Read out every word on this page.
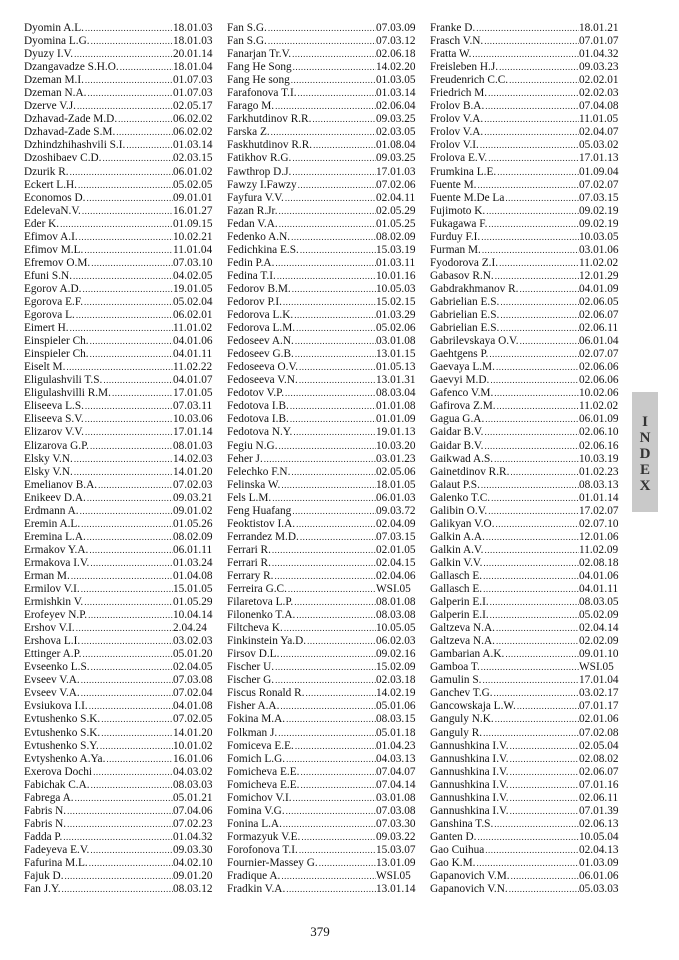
Dyomin A.L. .....	18.01.03
Dyomina L.G. .....	18.01.03
Dyuzy I.V. .....	20.01.14
Dzangavadze S.H.O. .....	18.01.04
Dzeman M.I. .....	01.07.03
Dzeman N.A. .....	01.07.03
Dzerve V.J. .....	02.05.17
Dzhavad-Zade M.D. .....	06.02.02
Dzhavad-Zade S.M. .....	06.02.02
Dzhindzhihashvili S.I. .....	01.03.14
Dzoshibaev C.D. .....	02.03.15
Dzurik R. .....	06.01.02
Eckert L.H. .....	05.02.05
Economos D. .....	09.01.01
EdelevaN.V. .....	16.01.27
Eder K. .....	01.09.15
Efimov A.I. .....	10.02.21
Efimov M.L. .....	11.01.04
Efremov O.M. .....	07.03.10
Efuni S.N. .....	04.02.05
Egorov A.D. .....	19.01.05
Egorova E.F. .....	05.02.04
Egorova L. .....	06.02.01
Eimert H. .....	11.01.02
Einspieler Ch. .....	04.01.06
Einspieler Ch. .....	04.01.11
Eiselt M. .....	11.02.22
Eligulashvili T.S. .....	04.01.07
Eligulashvilli R.M. .....	17.01.05
Eliseeva L.S. .....	07.03.11
Eliseeva S.V. .....	10.03.06
Elizarov V.V. .....	17.01.14
Elizarova G.P. .....	08.01.03
Elsky V.N. .....	14.02.03
Elsky V.N. .....	14.01.20
Emelianov B.A. .....	07.02.03
Enikeev D.A. .....	09.03.21
Erdmann A. .....	09.01.02
Eremin A.L. .....	01.05.26
Eremina L.A. .....	08.02.09
Ermakov Y.A. .....	06.01.11
Ermakova I.V. .....	01.03.24
Erman M. .....	01.04.08
Ermilov V.I. .....	15.01.05
Ermishkin V. .....	01.05.29
Erofeyev N.P. .....	10.04.14
Ershov V.I. .....	2.04.24
Ershova L.I. .....	03.02.03
Ettinger A.P. .....	05.01.20
Evseenko L.S. .....	02.04.05
Evseev V.A. .....	07.03.08
Evseev V.A. .....	07.02.04
Evsiukova I.I. .....	04.01.08
Evtushenko S.K. .....	07.02.05
Evtushenko S.K. .....	14.01.20
Evtushenko S.Y. .....	10.01.02
Evtyshenko A.Ya. .....	16.01.06
Exerova Dochi .....	04.03.02
Fabichak C.A. .....	08.03.03
Fabrega A. .....	05.01.21
Fabris N. .....	07.04.06
Fabris N. .....	07.02.23
Fadda P. .....	01.04.32
Fadeyeva E.V. .....	09.03.30
Fafurina M.L. .....	04.02.10
Fajuk D. .....	09.01.20
Fan J.Y. .....	08.03.12
Fan S.G. .....	07.03.09
Fan S.G. .....	07.03.12
Fanarjan Tr.V. .....	02.06.18
Fang He Song .....	14.02.20
Fang He song .....	01.03.05
Farafonova T.I. .....	01.03.14
Farago M. .....	02.06.04
Farkhutdinov R.R. .....	09.03.25
Farska Z. .....	02.03.05
Faskhutdinov R.R. .....	01.08.04
Fatikhov R.G. .....	09.03.25
Fawthrop D.J. .....	17.01.03
Fawzy I.Fawzy .....	07.02.06
Fayfura V.V. .....	02.04.11
Fazan R.Jr. .....	02.05.29
Fedan V.A. .....	01.05.25
Fedenko A.N. .....	08.02.09
Fedichkina E.S. .....	15.03.19
Fedin P.A. .....	01.03.11
Fedina T.I. .....	10.01.16
Fedorov B.M. .....	10.05.03
Fedorov P.I. .....	15.02.15
Fedorova L.K. .....	01.03.29
Fedorova L.M. .....	05.02.06
Fedoseev A.N. .....	03.01.08
Fedoseev G.B. .....	13.01.15
Fedoseeva O.V. .....	01.05.13
Fedoseeva V.N. .....	13.01.31
Fedotov V.P. .....	08.03.04
Fedotova I.B. .....	01.01.08
Fedotova I.B. .....	01.01.09
Fedotova N.Y. .....	19.01.13
Fegiu N.G. .....	10.03.20
Feher J. .....	03.01.23
Felechko F.N. .....	02.05.06
Felinska W. .....	18.01.05
Fels L.M. .....	06.01.03
Feng Huafang .....	09.03.72
Feoktistov I.A. .....	02.04.09
Ferrandez M.D. .....	07.03.15
Ferrari R. .....	02.01.05
Ferrari R. .....	02.04.15
Ferrary R. .....	02.04.06
Ferreira G.C. .....	WSI.05
Filaretova L.P. .....	08.01.08
Filonenko T.A. .....	08.03.08
Filtcheva K. .....	10.05.05
Finkinstein Ya.D. .....	06.02.03
Firsov D.L. .....	09.02.16
Fischer U. .....	15.02.09
Fischer G. .....	02.03.18
Fiscus Ronald R. .....	14.02.19
Fisher A.A. .....	05.01.06
Fokina M.A. .....	08.03.15
Folkman J. .....	05.01.18
Fomiceva E.E. .....	01.04.23
Fomich L.G. .....	04.03.13
Fomicheva E.E. .....	07.04.07
Fomicheva E.E. .....	07.04.14
Fomichov V.I. .....	03.01.08
Fomina V.G. .....	07.03.08
Fonina L.A. .....	07.03.30
Formazyuk V.E. .....	09.03.22
Forofonova T.I. .....	15.03.07
Fournier-Massey G. .....	13.01.09
Fradique A. .....	WSI.05
Fradkin V.A. .....	13.01.14
Franke D. .....	18.01.21
Frasch V.N. .....	07.01.07
Fratta W. .....	01.04.32
Freisleben H.J. .....	09.03.23
Freudenrich C.C. .....	02.02.01
Friedrich M. .....	02.02.03
Frolov B.A. .....	07.04.08
Frolov V.A. .....	11.01.05
Frolov V.A. .....	02.04.07
Frolov V.I. .....	05.03.02
Frolova E.V. .....	17.01.13
Frumkina L.E. .....	01.09.04
Fuente M. .....	07.02.07
Fuente M.De La .....	07.03.15
Fujimoto K. .....	09.02.19
Fukagawa F. .....	09.02.19
Furduy F.I. .....	10.03.05
Furman M. .....	03.01.06
Fyodorova Z.I. .....	11.02.02
Gabasov R.N. .....	12.01.29
Gabdrakhmanov R. .....	04.01.09
Gabrielian E.S. .....	02.06.05
Gabrielian E.S. .....	02.06.07
Gabrielian E.S. .....	02.06.11
Gabrilevskaya O.V. .....	06.01.04
Gaehtgens P. .....	02.07.07
Gaevaya L.M. .....	02.06.06
Gaevyi M.D. .....	02.06.06
Gafenco V.M. .....	10.02.06
Gafirova Z.M. .....	11.02.02
Gagua G.A. .....	06.01.09
Gaidar B.V. .....	02.06.10
Gaidar B.V. .....	02.06.16
Gaikwad A.S. .....	10.03.19
Gainetdinov R.R. .....	01.02.23
Galaut P.S. .....	08.03.13
Galenko T.C. .....	01.01.14
Galibin O.V. .....	17.02.07
Galikyan V.O. .....	02.07.10
Galkin A.A. .....	12.01.06
Galkin A.V. .....	11.02.09
Galkin V.V. .....	02.08.18
Gallasch E. .....	04.01.06
Gallasch E. .....	04.01.11
Galperin E.I. .....	08.03.05
Galperin E.I. .....	05.02.09
Galtzeva N.A. .....	02.04.14
Galtzeva N.A. .....	02.02.09
Gambarian A.K. .....	09.01.10
Gamboa T. .....	WSI.05
Gamulin S. .....	17.01.04
Ganchev T.G. .....	03.02.17
Gancowskaja L.W. .....	07.01.17
Ganguly N.K. .....	02.01.06
Ganguly R. .....	07.02.08
Gannushkina I.V. .....	02.05.04
Gannushkina I.V. .....	02.08.02
Gannushkina I.V. .....	02.06.07
Gannushkina I.V. .....	07.01.16
Gannushkina I.V. .....	02.06.11
Gannushkina I.V. .....	07.01.39
Ganshina T.S. .....	02.06.13
Ganten D. .....	10.05.04
Gao Cuihua .....	02.04.13
Gao K.M. .....	01.03.09
Gapanovich V.M. .....	06.01.06
Gapanovich V.N. .....	05.03.03
I
N
D
E
X
379
